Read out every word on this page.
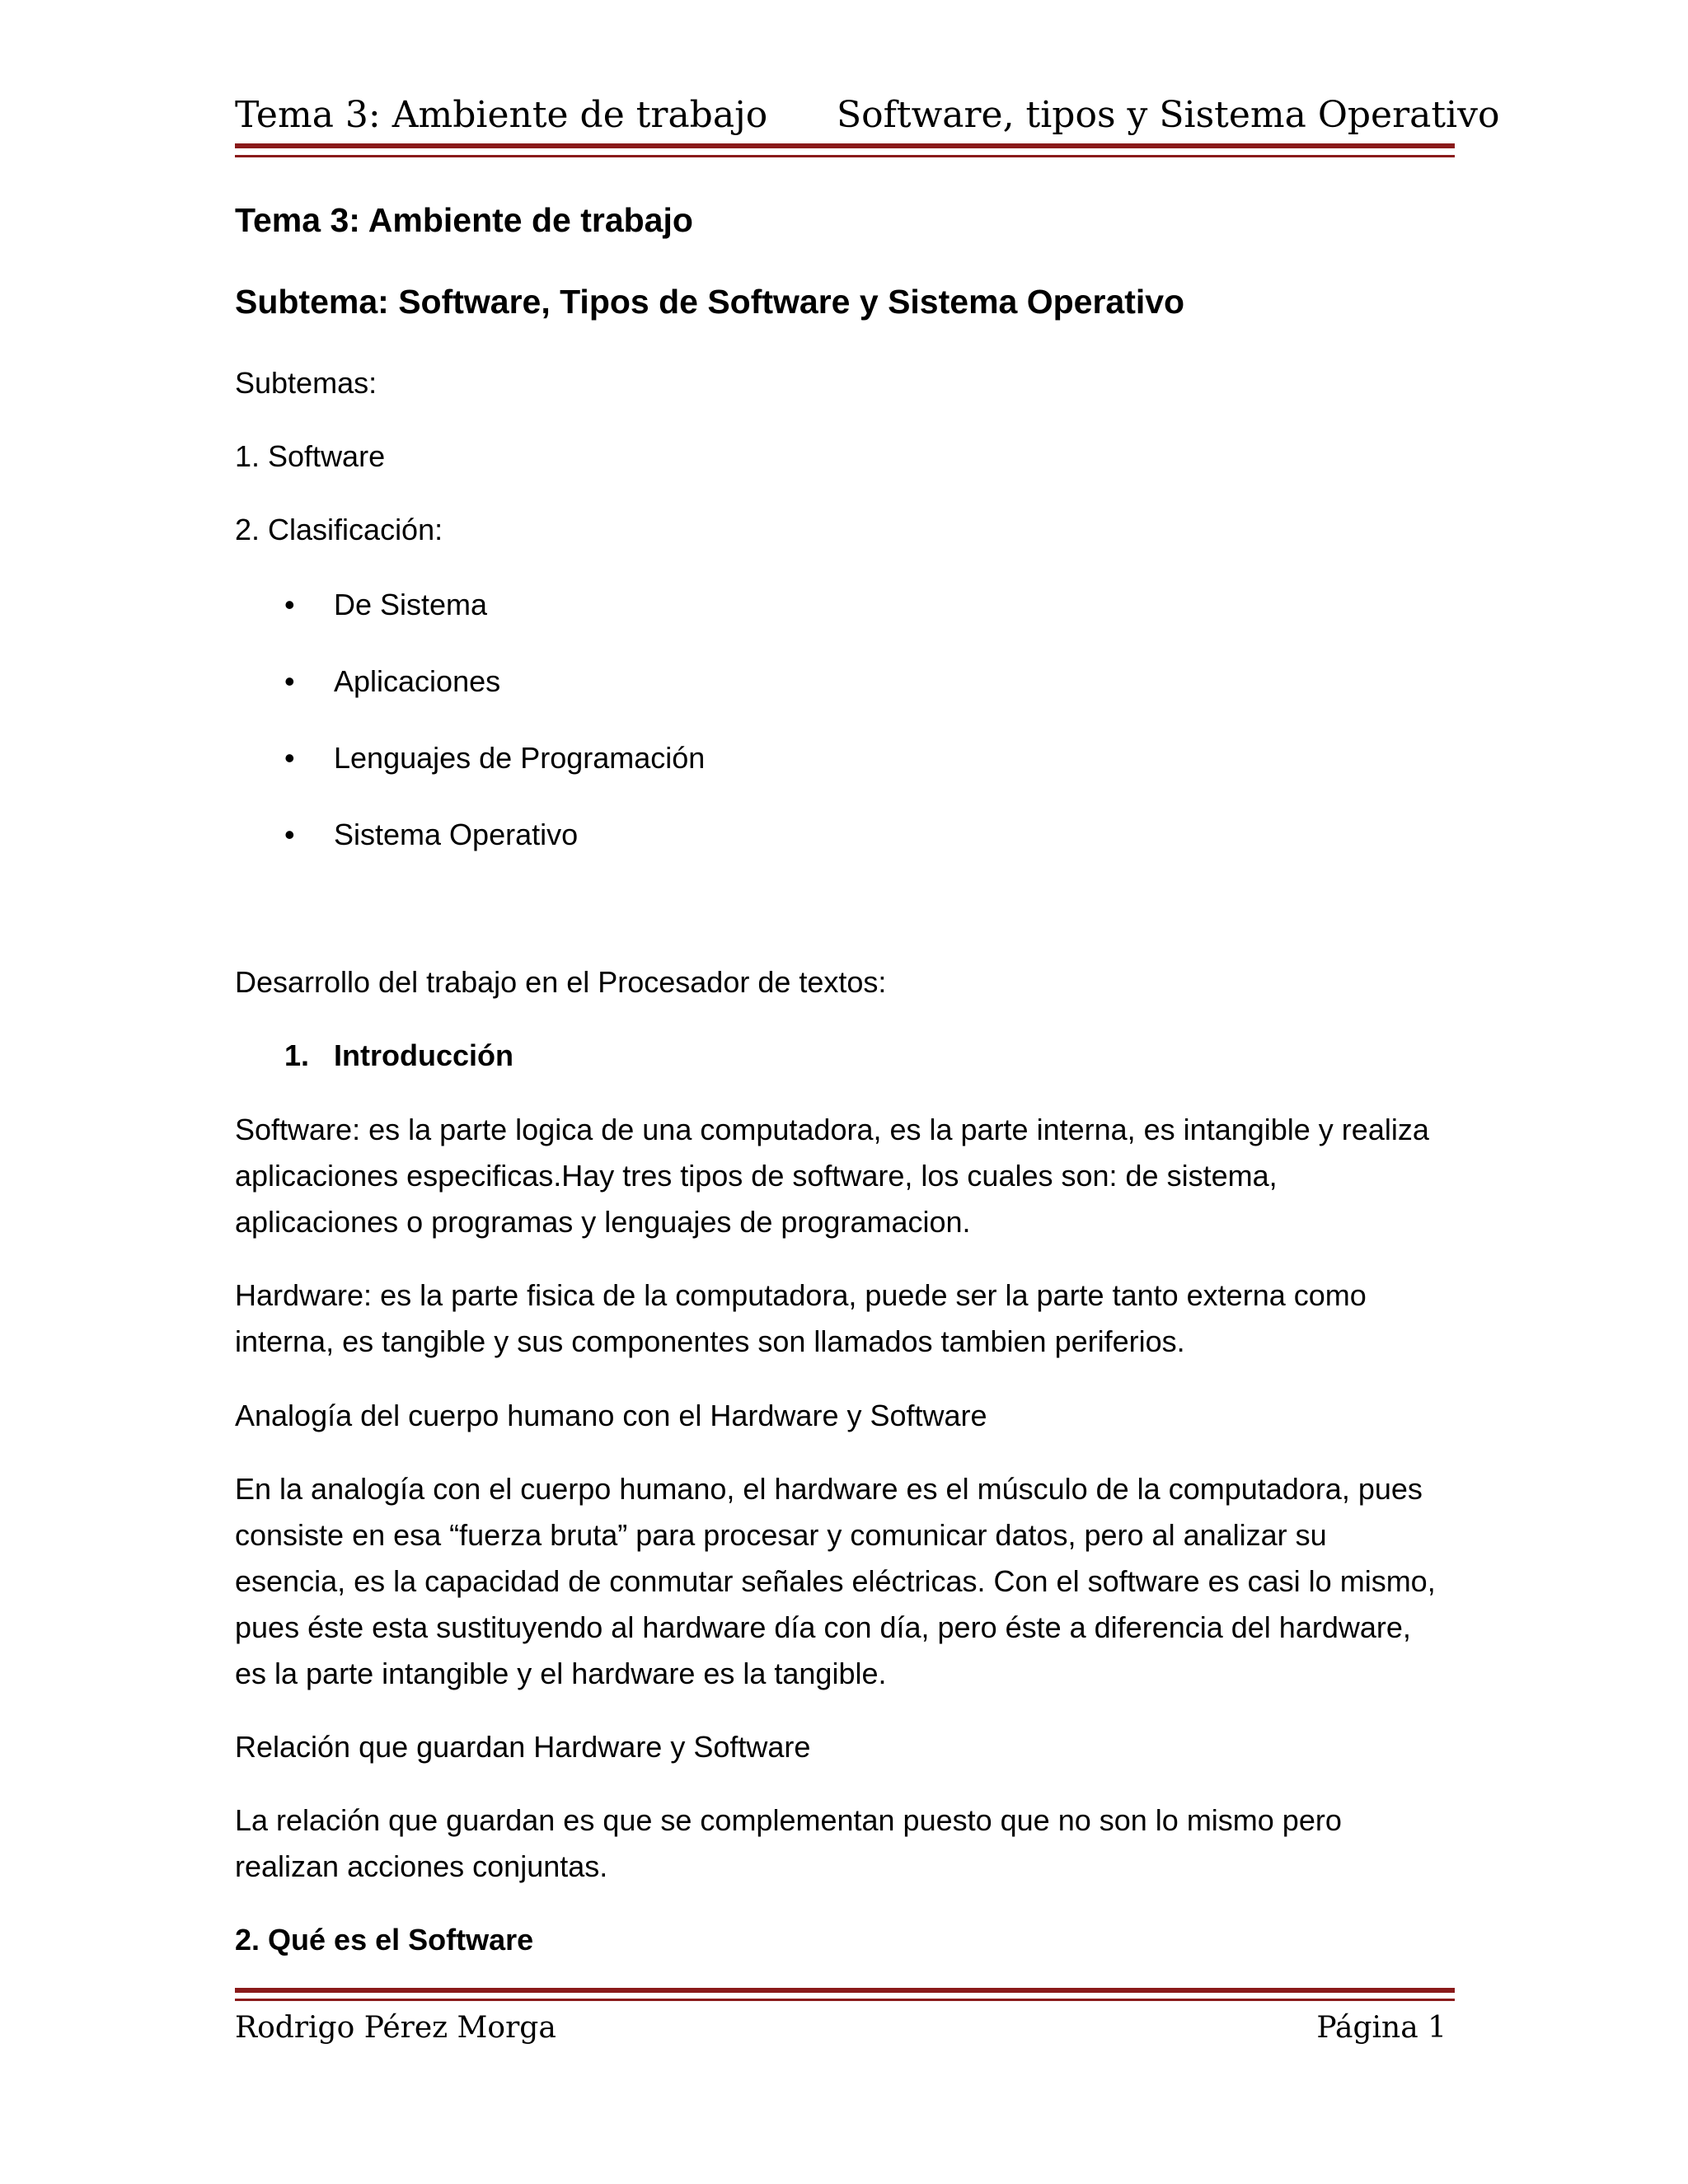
Tema 3: Ambiente de trabajo Software, tipos y Sistema Operativo
Tema 3: Ambiente de trabajo
Subtema: Software, Tipos de Software y Sistema Operativo
Subtemas:
1. Software
2. Clasificación:
• De Sistema
• Aplicaciones
• Lenguajes de Programación
• Sistema Operativo
Desarrollo del trabajo en el Procesador de textos:
1. Introducción
Software: es la parte logica de una computadora, es la parte interna, es intangible y realiza
aplicaciones especificas.Hay tres tipos de software, los cuales son: de sistema,
aplicaciones o programas y lenguajes de programacion.
Hardware: es la parte fisica de la computadora, puede ser la parte tanto externa como
interna, es tangible y sus componentes son llamados tambien periferios.
Analogía del cuerpo humano con el Hardware y Software
En la analogía con el cuerpo humano, el hardware es el músculo de la computadora, pues
consiste en esa “fuerza bruta” para procesar y comunicar datos, pero al analizar su
esencia, es la capacidad de conmutar señales eléctricas. Con el software es casi lo mismo,
pues éste esta sustituyendo al hardware día con día, pero éste a diferencia del hardware,
es la parte intangible y el hardware es la tangible.
Relación que guardan Hardware y Software
La relación que guardan es que se complementan puesto que no son lo mismo pero
realizan acciones conjuntas.
2. Qué es el Software
Rodrigo Pérez Morga	Página 1
